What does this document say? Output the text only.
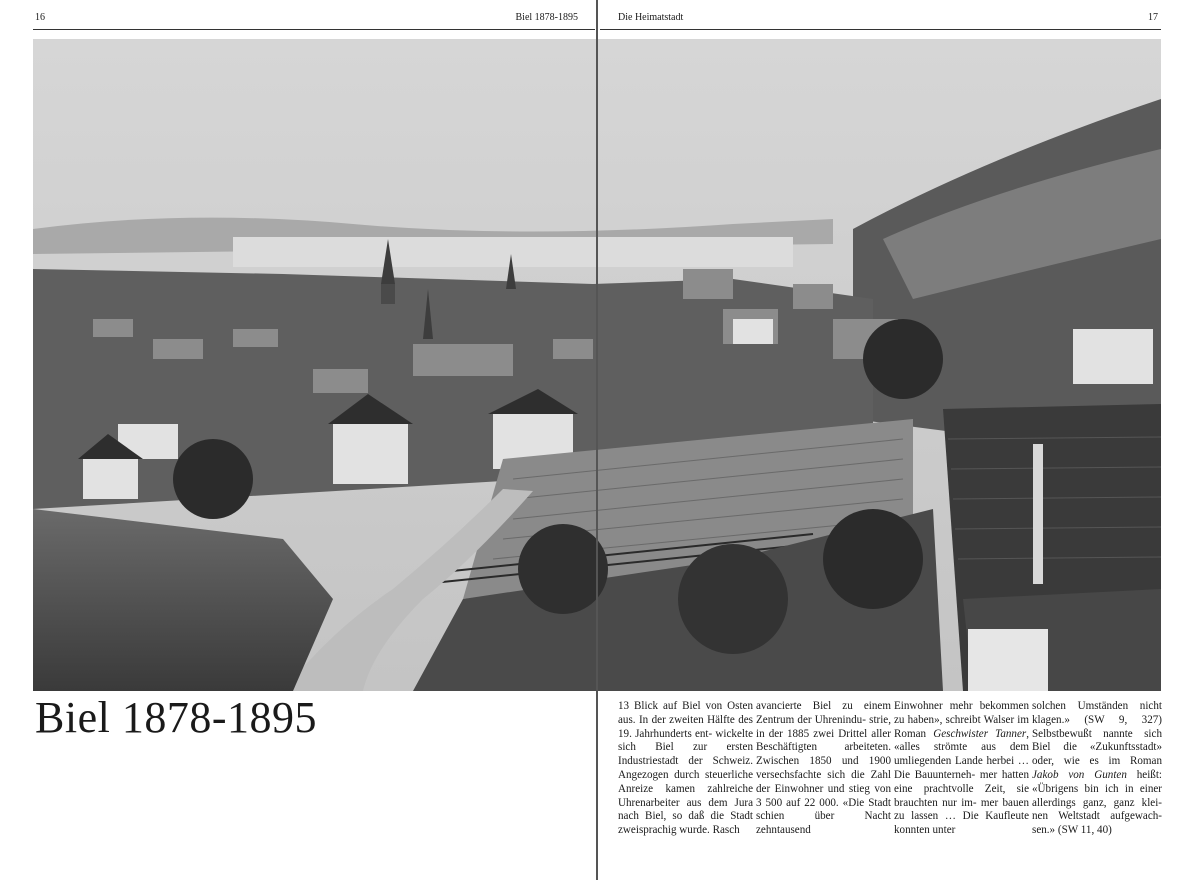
16	Biel 1878-1895	Die Heimatstadt	17
Biel 1878-1895	13 Blick auf Biel von Osten aus. In der zweiten Hälfte des 19. Jahrhunderts ent- wickelte sich Biel zur ersten Industriestadt der Schweiz. Angezogen durch steuerliche Anreize kamen zahlreiche Uhrenarbeiter aus dem Jura nach Biel, so daß die Stadt zweisprachig wurde. Rasch

avancierte Biel zu einem Zentrum der Uhrenindu- strie, in der 1885 zwei Drittel aller Beschäftigten arbeiteten. Zwischen 1850 und 1900 versechsfachte sich die Zahl der Einwohner und stieg von 3 500 auf 22 000. «Die Stadt schien über Nacht zehntausend

Einwohner mehr bekommen zu haben», schreibt Walser im Roman Geschwister Tanner, «alles strömte aus dem umliegenden Lande herbei … Die Bauunterneh- mer hatten eine prachtvolle Zeit, sie brauchten nur im- mer bauen zu lassen … Die Kaufleute konnten unter

solchen Umständen nicht klagen.» (SW 9, 327) Selbstbewußt nannte sich Biel die «Zukunftsstadt» oder, wie es im Roman Jakob von Gunten heißt: «Übrigens bin ich in einer allerdings ganz, ganz klei- nen Weltstadt aufgewach- sen.» (SW 11, 40)
